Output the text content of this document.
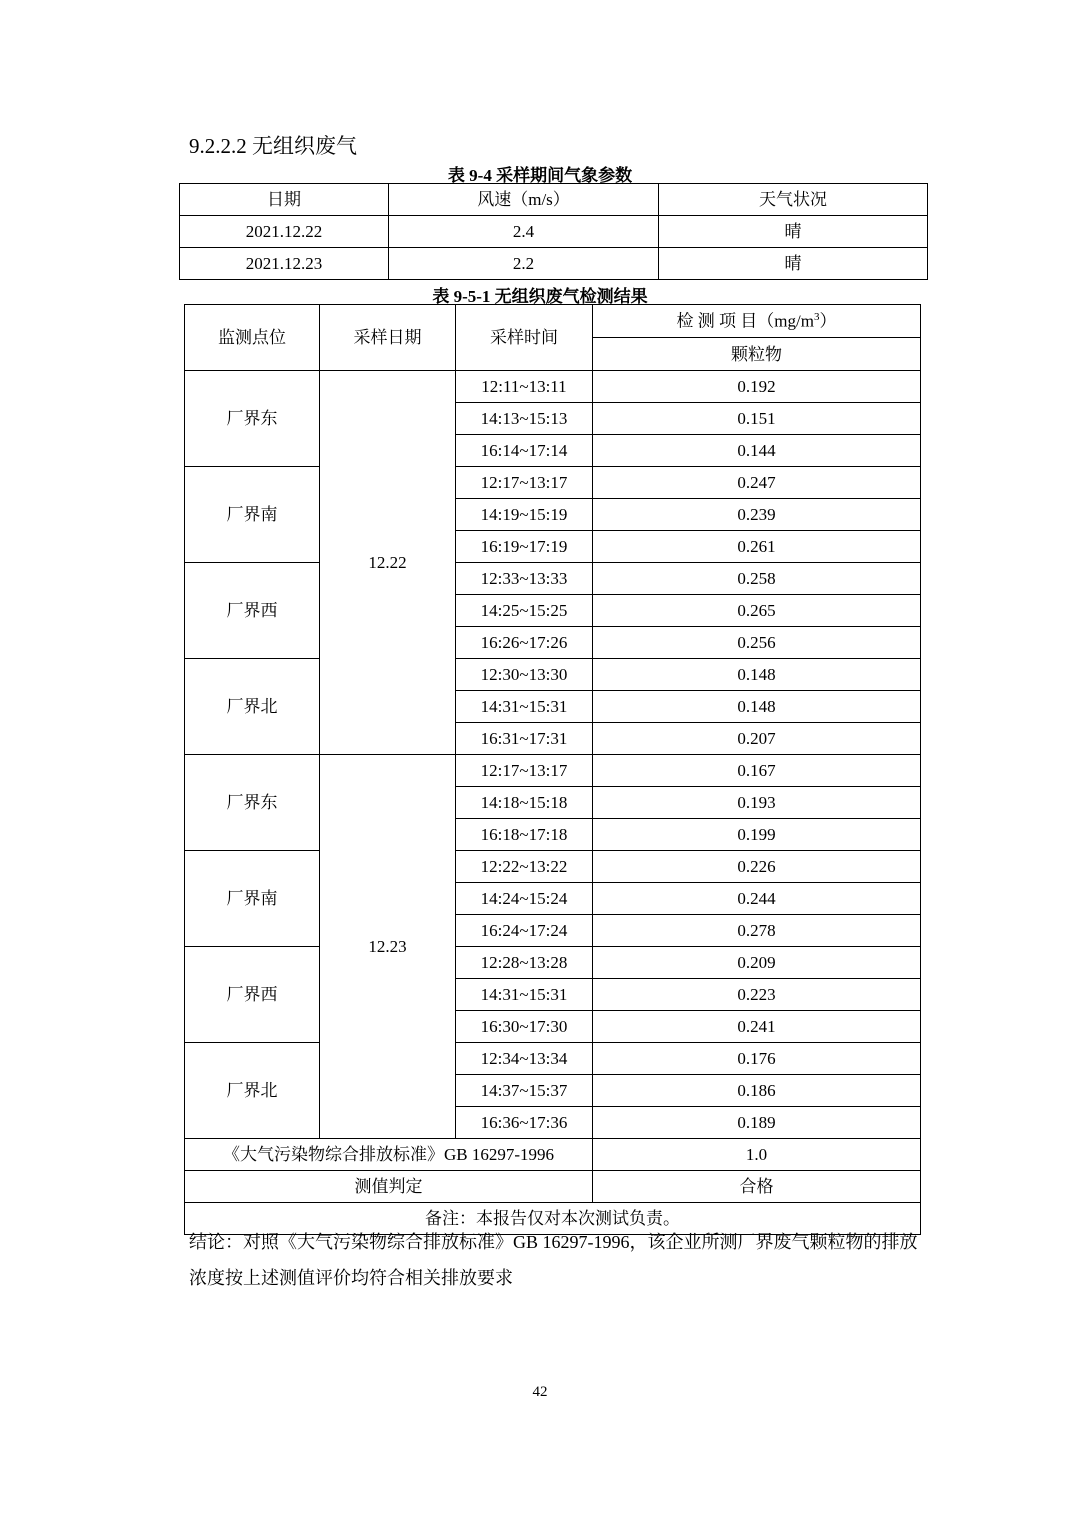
9.2.2.2 无组织废气
表 9-4 采样期间气象参数
日期	风速（m/s）	天气状况
2021.12.22	2.4	晴
2021.12.23	2.2	晴
表 9-5-1 无组织废气检测结果
监测点位	采样日期	采样时间	检 测 项 目$(mg/m^3)$
			颗粒物
厂界东	12.22	12:11~13:11	0.192
		14:13~15:13	0.151
		16:14~17:14	0.144
厂界南		12:17~13:17	0.247
		14:19~15:19	0.239
		16:19~17:19	0.261
厂界西		12:33~13:33	0.258
		14:25~15:25	0.265
		16:26~17:26	0.256
厂界北		12:30~13:30	0.148
		14:31~15:31	0.148
		16:31~17:31	0.207
厂界东	12.23	12:17~13:17	0.167
		14:18~15:18	0.193
		16:18~17:18	0.199
厂界南		12:22~13:22	0.226
		14:24~15:24	0.244
		16:24~17:24	0.278
厂界西		12:28~13:28	0.209
		14:31~15:31	0.223
		16:30~17:30	0.241
厂界北		12:34~13:34	0.176
		14:37~15:37	0.186
		16:36~17:36	0.189
《大气污染物综合排放标准》GB 16297-1996			1.0
测值判定			合格
备注：本报告仅对本次测试负责。			
结论：对照《大气污染物综合排放标准》GB 16297-1996，该企业所测厂界废气颗粒物的排放浓度按上述测值评价均符合相关排放要求
42
